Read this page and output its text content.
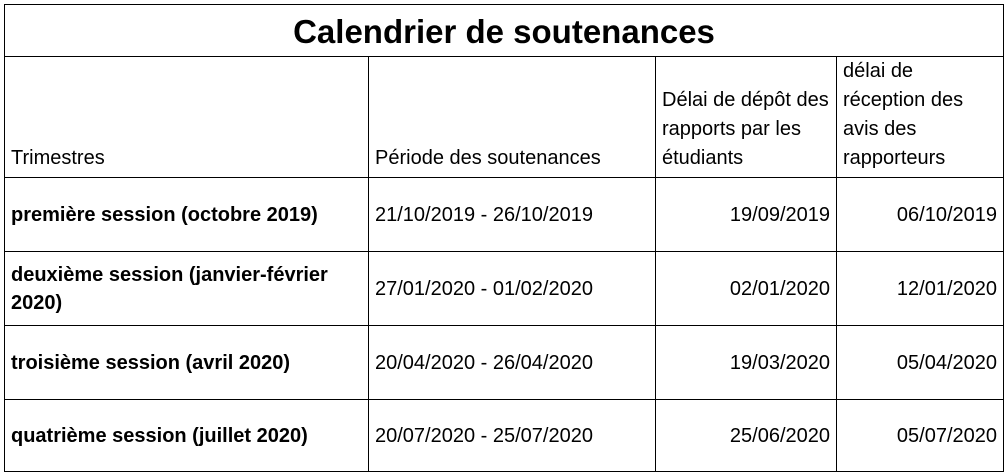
Calendrier de soutenances			
Trimestres	Période des soutenances	Délai de dépôt des rapports par les étudiants	délai de réception des avis des rapporteurs
première session (octobre 2019)	21/10/2019 - 26/10/2019	19/09/2019	06/10/2019
deuxième session (janvier-février 2020)	27/01/2020 - 01/02/2020	02/01/2020	12/01/2020
troisième session (avril 2020)	20/04/2020 - 26/04/2020	19/03/2020	05/04/2020
quatrième session (juillet 2020)	20/07/2020 - 25/07/2020	25/06/2020	05/07/2020
